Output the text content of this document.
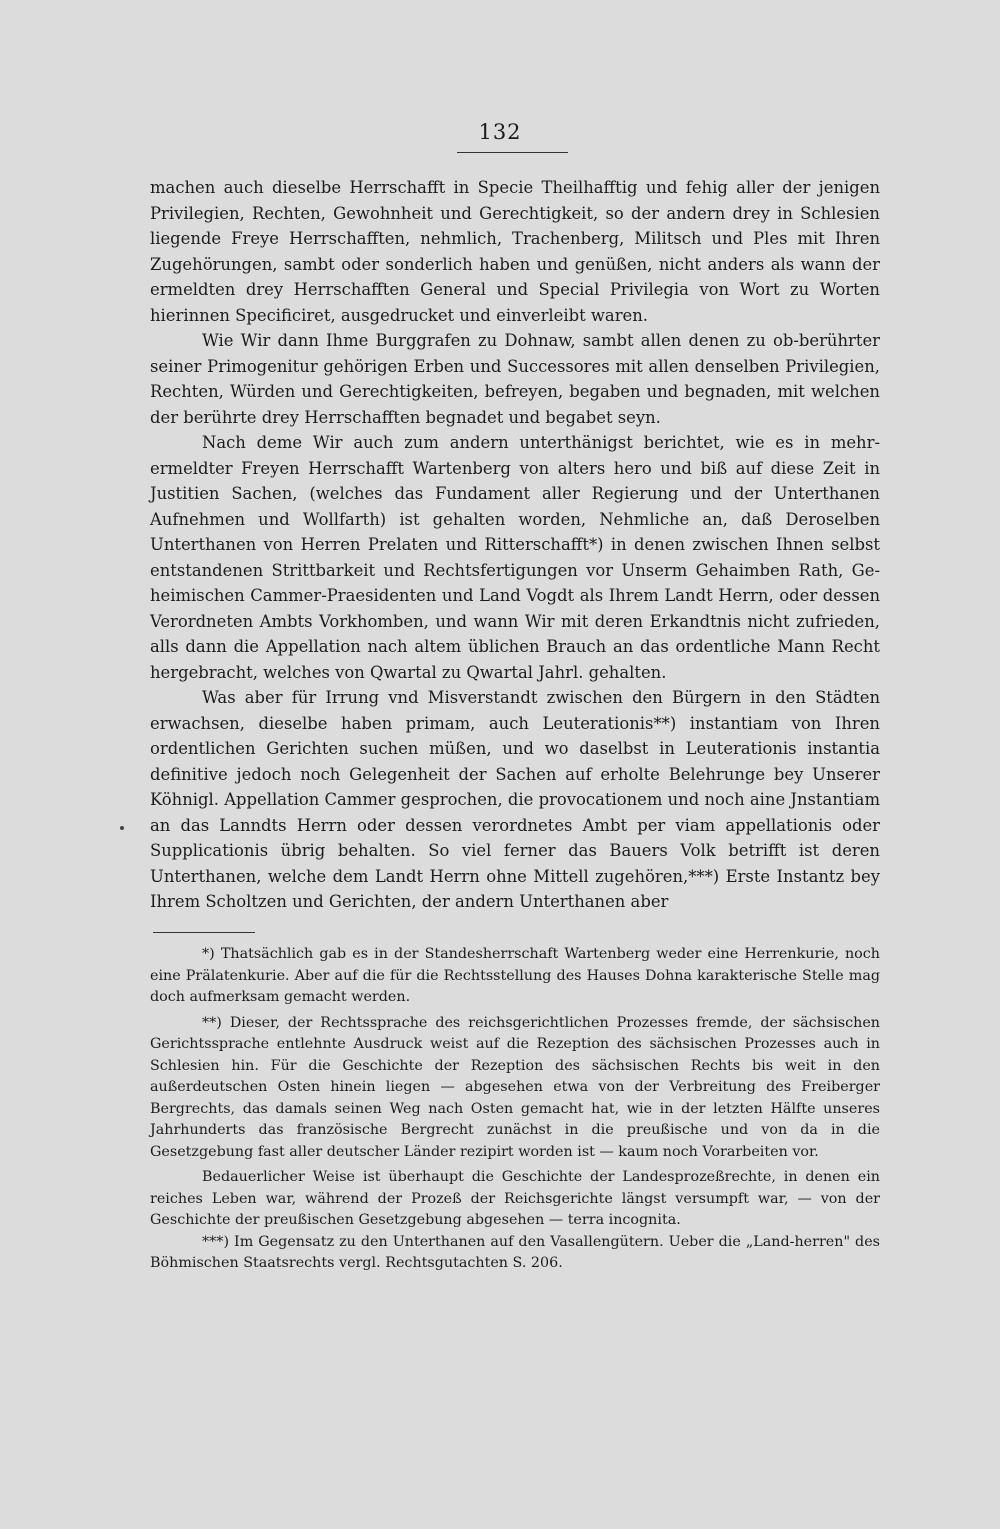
132

machen auch dieselbe Herrschafft in Specie Theilhafftig und fehig aller der jenigen Privilegien, Rechten, Gewohnheit und Gerechtigkeit, so der andern drey in Schlesien liegende Freye Herrschafften, nehmlich, Trachenberg, Militsch und Ples mit Ihren Zugehörungen, sambt oder sonderlich haben und genüßen, nicht anders als wann der ermeldten drey Herrschafften General und Special Privilegia von Wort zu Worten hierinnen Specificiret, ausgedrucket und einverleibt waren.

Wie Wir dann Ihme Burggrafen zu Dohnaw, sambt allen denen zu ob-berührter seiner Primogenitur gehörigen Erben und Successores mit allen denselben Privilegien, Rechten, Würden und Gerechtigkeiten, befreyen, begaben und begnaden, mit welchen der berührte drey Herrschafften begnadet und begabet seyn.

Nach deme Wir auch zum andern unterthänigst berichtet, wie es in mehr-ermeldter Freyen Herrschafft Wartenberg von alters hero und biß auf diese Zeit in Justitien Sachen, (welches das Fundament aller Regierung und der Unterthanen Aufnehmen und Wollfarth) ist gehalten worden, Nehmliche an, daß Deroselben Unterthanen von Herren Prelaten und Ritterschafft*) in denen zwischen Ihnen selbst entstandenen Strittbarkeit und Rechtsfertigungen vor Unserm Gehaimben Rath, Ge-heimischen Cammer-Praesidenten und Land Vogdt als Ihrem Landt Herrn, oder dessen Verordneten Ambts Vorkhomben, und wann Wir mit deren Erkandtnis nicht zufrieden, alls dann die Appellation nach altem üblichen Brauch an das ordentliche Mann Recht hergebracht, welches von Qwartal zu Qwartal Jahrl. gehalten.

Was aber für Irrung vnd Misverstandt zwischen den Bürgern in den Städten erwachsen, dieselbe haben primam, auch Leuterationis**) instantiam von Ihren ordentlichen Gerichten suchen müßen, und wo daselbst in Leuterationis instantia definitive jedoch noch Gelegenheit der Sachen auf erholte Belehrunge bey Unserer Köhnigl. Appellation Cammer gesprochen, die provocationem und noch aine Jnstantiam an das Lanndts Herrn oder dessen verordnetes Ambt per viam appellationis oder Supplicationis übrig behalten. So viel ferner das Bauers Volk betrifft ist deren Unterthanen, welche dem Landt Herrn ohne Mittell zugehören,***) Erste Instantz bey Ihrem Scholtzen und Gerichten, der andern Unterthanen aber

*) Thatsächlich gab es in der Standesherrschaft Wartenberg weder eine Herrenkurie, noch eine Prälatenkurie. Aber auf die für die Rechtsstellung des Hauses Dohna karakterische Stelle mag doch aufmerksam gemacht werden.

**) Dieser, der Rechtssprache des reichsgerichtlichen Prozesses fremde, der sächsischen Gerichtssprache entlehnte Ausdruck weist auf die Rezeption des sächsischen Prozesses auch in Schlesien hin. Für die Geschichte der Rezeption des sächsischen Rechts bis weit in den außerdeutschen Osten hinein liegen — abgesehen etwa von der Verbreitung des Freiberger Bergrechts, das damals seinen Weg nach Osten gemacht hat, wie in der letzten Hälfte unseres Jahrhunderts das französische Bergrecht zunächst in die preußische und von da in die Gesetzgebung fast aller deutscher Länder rezipirt worden ist — kaum noch Vorarbeiten vor.

Bedauerlicher Weise ist überhaupt die Geschichte der Landesprozeßrechte, in denen ein reiches Leben war, während der Prozeß der Reichsgerichte längst versumpft war, — von der Geschichte der preußischen Gesetzgebung abgesehen — terra incognita.

***) Im Gegensatz zu den Unterthanen auf den Vasallengütern. Ueber die „Land-herren" des Böhmischen Staatsrechts vergl. Rechtsgutachten S. 206.
